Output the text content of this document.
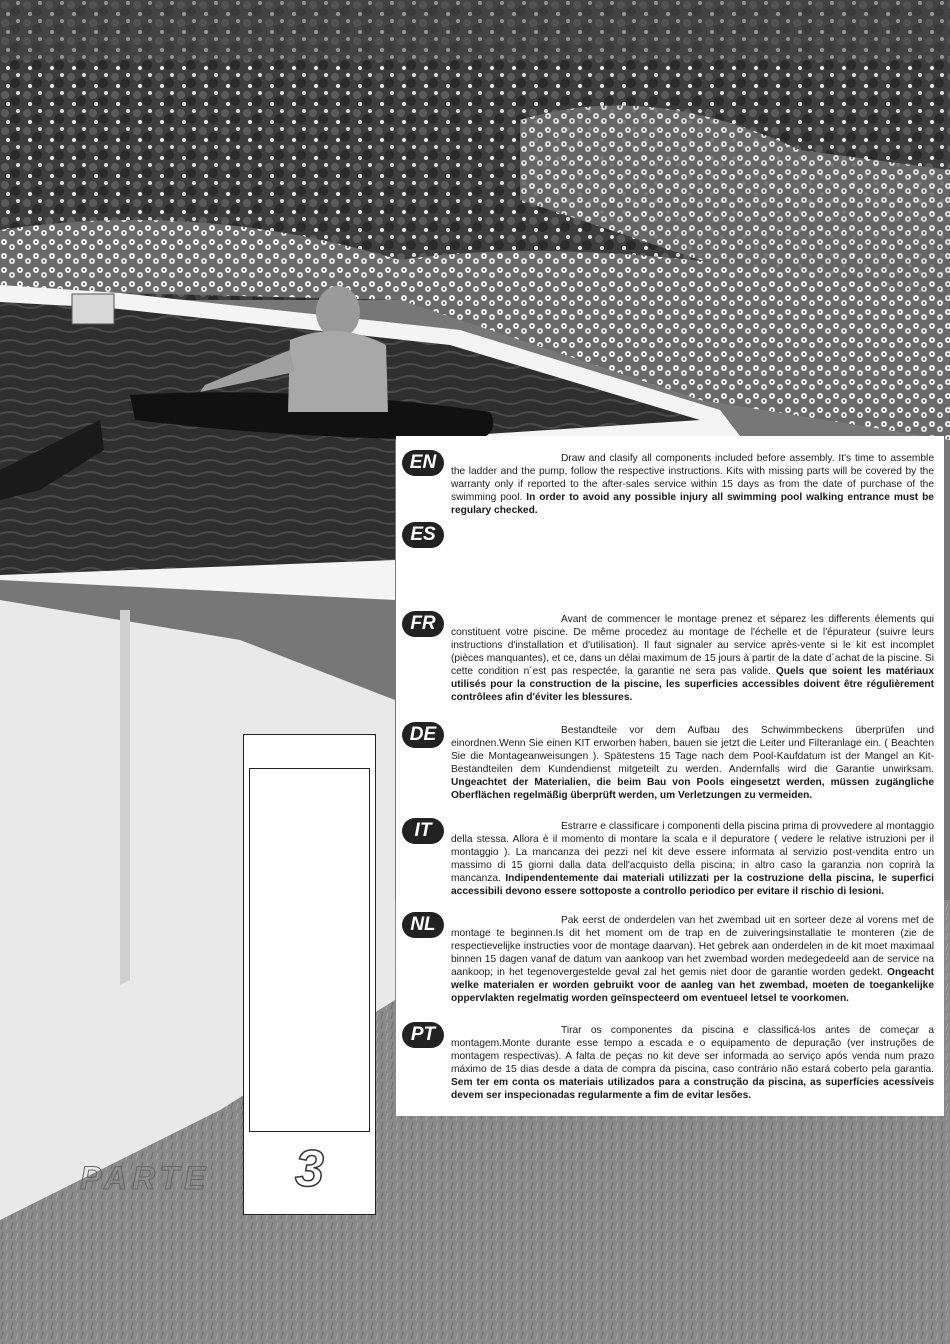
PARTE	3
EN	Draw and clasify all components included before assembly. It's time to assemble the ladder and the pump, follow the respective instructions. Kits with missing parts will be covered by the warranty only if reported to the after-sales service within 15 days as from the date of purchase of the swimming pool. In order to avoid any possible injury all swimming pool walking entrance must be regulary checked.
ES
FR	Avant de commencer le montage prenez et séparez les differents élements qui constituent votre piscine. De même procedez au montage de l'échelle et de l'épurateur (suivre leurs instructions d'installation et d'utilisation). Il faut signaler au service après-vente si le kit est incomplet (pièces manquantes), et ce, dans un délai maximum de 15 jours à partir de la date d´achat de la piscine. Si cette condition n´est pas respectée, la garantie ne sera pas valide. Quels que soient les matériaux utilisés pour la construction de la piscine, les superficies accessibles doivent être régulièrement contrôlees afin d'éviter les blessures.
DE	Bestandteile vor dem Aufbau des Schwimmbeckens überprüfen und einordnen.Wenn Sie einen KIT erworben haben, bauen sie jetzt die Leiter und Filteranlage ein. ( Beachten Sie die Montageanweisungen ). Spätestens 15 Tage nach dem Pool-Kaufdatum ist der Mangel an Kit-Bestandteilen dem Kundendienst mitgeteilt zu werden. Andernfalls wird die Garantie unwirksam. Ungeachtet der Materialien, die beim Bau von Pools eingesetzt werden, müssen zugängliche Oberflächen regelmäßig überprüft werden, um Verletzungen zu vermeiden.
IT	Estrarre e classificare i componenti della piscina prima di provvedere al montaggio della stessa. Allora è il momento di montare la scala e il depuratore ( vedere le relative istruzioni per il montaggio ). La mancanza dei pezzi nel kit deve essere informata al servizio post-vendita entro un massimo di 15 giorni dalla data dell'acquisto della piscina; in altro caso la garanzia non coprirà la mancanza. Indipendentemente dai materiali utilizzati per la costruzione della piscina, le superfici accessibili devono essere sottoposte a controllo periodico per evitare il rischio di lesioni.
NL	Pak eerst de onderdelen van het zwembad uit en sorteer deze al vorens met de montage te beginnen.Is dit het moment om de trap en de zuiveringsinstallatie te monteren (zie de respectievelijke instructies voor de montage daarvan). Het gebrek aan onderdelen in de kit moet maximaal binnen 15 dagen vanaf de datum van aankoop van het zwembad worden medegedeeld aan de service na aankoop; in het tegenovergestelde geval zal het gemis niet door de garantie worden gedekt. Ongeacht welke materialen er worden gebruikt voor de aanleg van het zwembad, moeten de toegankelijke oppervlakten regelmatig worden geïnspecteerd om eventueel letsel te voorkomen.
PT	Tirar os componentes da piscina e classificá-los antes de começar a montagem.Monte durante esse tempo a escada e o equipamento de depuração (ver instruções de montagem respectivas). A falta de peças no kit deve ser informada ao serviço após venda num prazo máximo de 15 dias desde a data de compra da piscina, caso contrário não estará coberto pela garantia. Sem ter em conta os materiais utilizados para a construção da piscina, as superfícies acessíveis devem ser inspecionadas regularmente a fim de evitar lesões.
